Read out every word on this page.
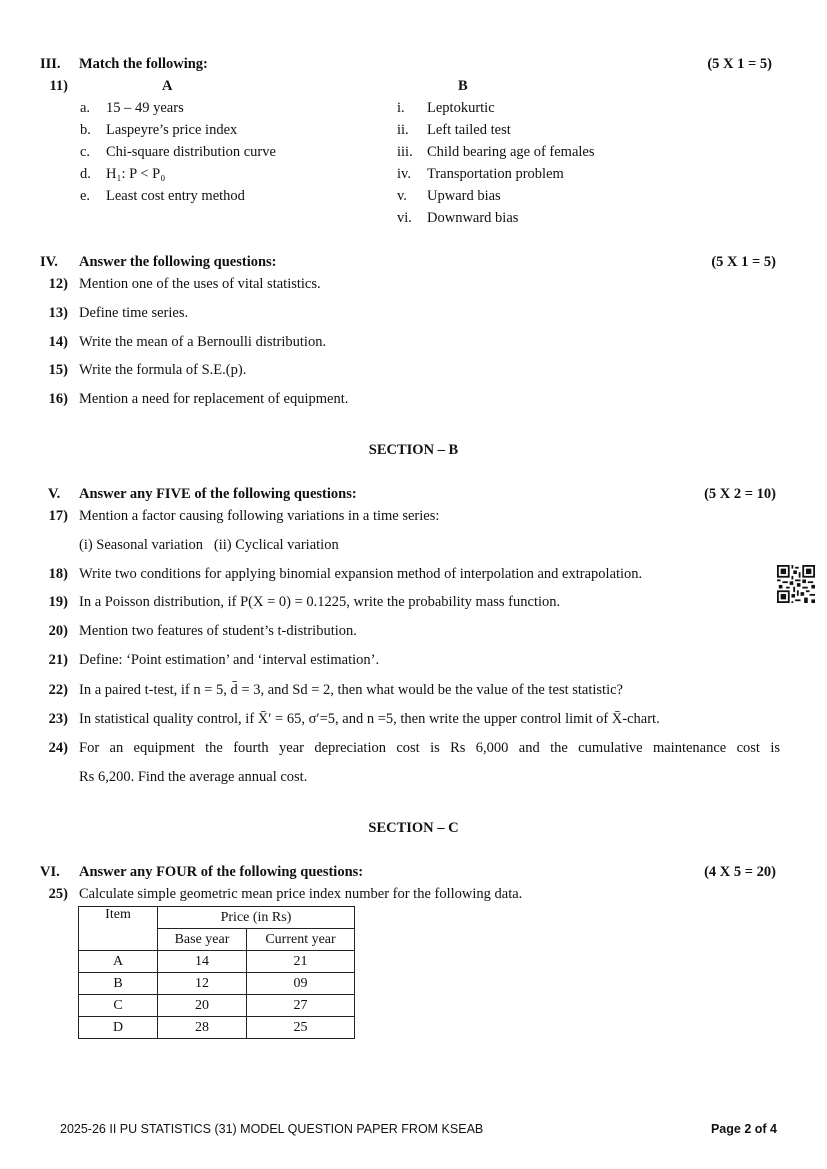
III. Match the following:	(5 X 1 = 5)
11)	A	B
a. 15 – 49 years
b. Laspeyre’s price index
c. Chi-square distribution curve
d. H₁: P < P₀
e. Least cost entry method
i. Leptokurtic
ii. Left tailed test
iii. Child bearing age of females
iv. Transportation problem
v. Upward bias
vi. Downward bias
IV. Answer the following questions:	(5 X 1 = 5)
12) Mention one of the uses of vital statistics.
13) Define time series.
14) Write the mean of a Bernoulli distribution.
15) Write the formula of S.E.(p).
16) Mention a need for replacement of equipment.
SECTION – B
V. Answer any FIVE of the following questions:	(5 X 2 = 10)
17) Mention a factor causing following variations in a time series:
(i) Seasonal variation   (ii) Cyclical variation
18) Write two conditions for applying binomial expansion method of interpolation and extrapolation.
19) In a Poisson distribution, if P(X = 0) = 0.1225, write the probability mass function.
20) Mention two features of student’s t-distribution.
21) Define: ‘Point estimation’ and ‘interval estimation’.
22) In a paired t-test, if n = 5, d̄ = 3, and Sd = 2, then what would be the value of the test statistic?
23) In statistical quality control, if X̄′ = 65, σ′=5, and n =5, then write the upper control limit of X̄-chart.
24) For an equipment the fourth year depreciation cost is Rs 6,000 and the cumulative maintenance cost is
Rs 6,200. Find the average annual cost.
SECTION – C
VI. Answer any FOUR of the following questions:	(4 X 5 = 20)
25) Calculate simple geometric mean price index number for the following data.
Item	Price (in Rs)	
	Base year	Current year
A	14	21
B	12	09
C	20	27
D	28	25
2025-26 II PU STATISTICS (31) MODEL QUESTION PAPER FROM KSEAB	Page 2 of 4
